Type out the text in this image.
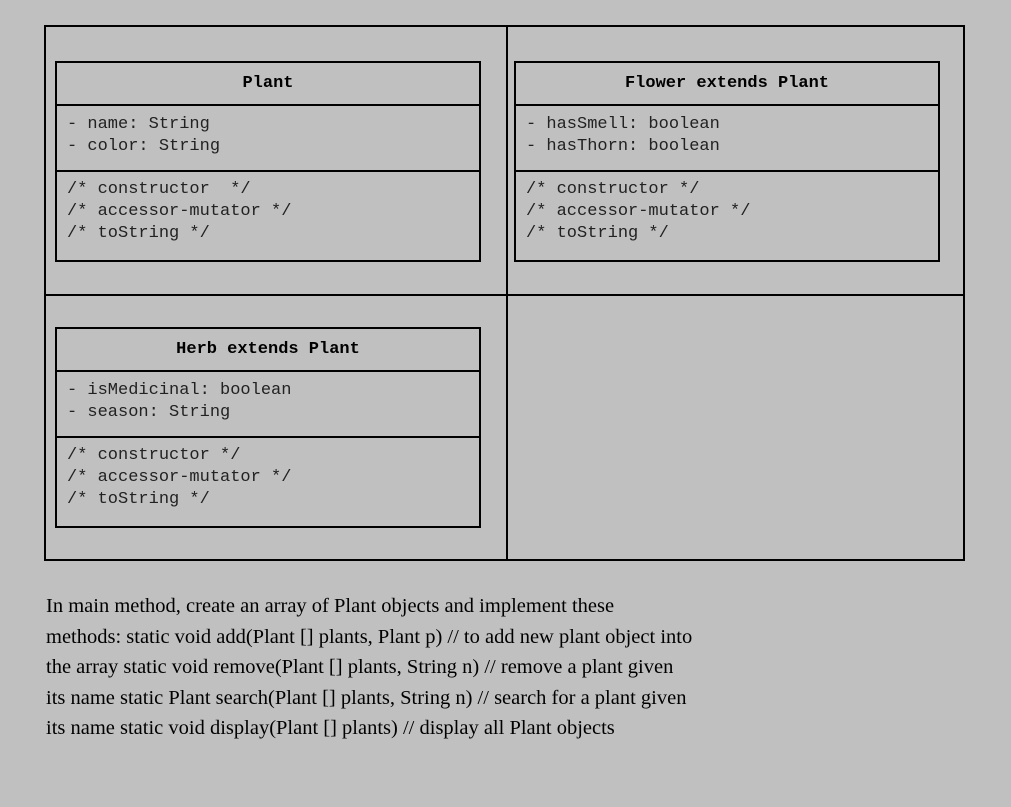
Plant
- name: String
- color: String
/* constructor  */
/* accessor-mutator */
/* toString */
Flower extends Plant
- hasSmell: boolean
- hasThorn: boolean
/* constructor */
/* accessor-mutator */
/* toString */
Herb extends Plant
- isMedicinal: boolean
- season: String
/* constructor */
/* accessor-mutator */
/* toString */

In main method, create an array of Plant objects and implement these

methods: static void add(Plant [] plants, Plant p) // to add new plant object into

the array static void remove(Plant [] plants, String n) // remove a plant given

its name static Plant search(Plant [] plants, String n) // search for a plant given

its name static void display(Plant [] plants) // display all Plant objects
